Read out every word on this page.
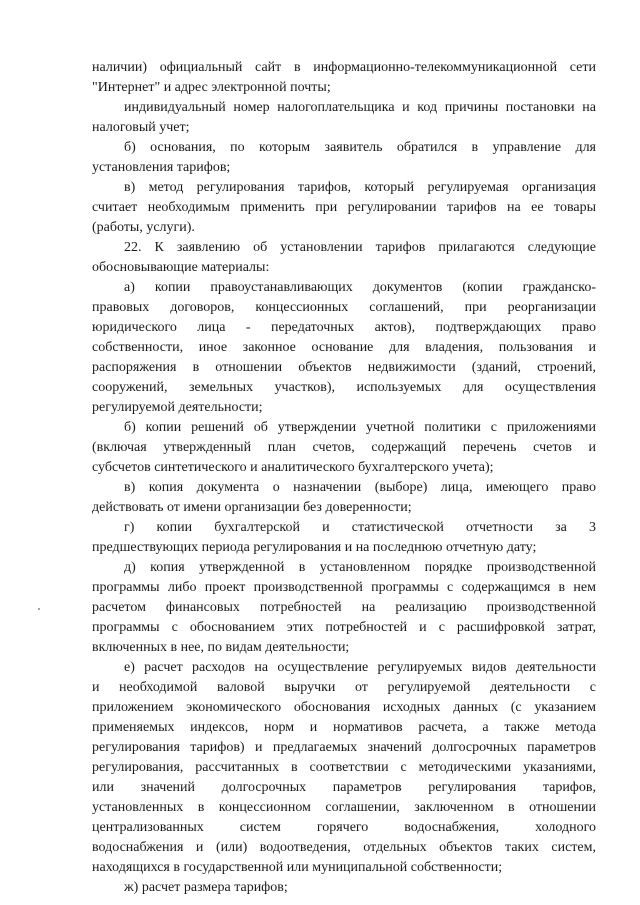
наличии) официальный сайт в информационно-телекоммуникационной сети
"Интернет" и адрес электронной почты;
индивидуальный номер налогоплательщика и код причины постановки на
налоговый учет;
б) основания, по которым заявитель обратился в управление для
установления тарифов;
в) метод регулирования тарифов, который регулируемая организация
считает необходимым применить при регулировании тарифов на ее товары
(работы, услуги).
22. К заявлению об установлении тарифов прилагаются следующие
обосновывающие материалы:
а) копии правоустанавливающих документов (копии гражданско-
правовых договоров, концессионных соглашений, при реорганизации
юридического лица - передаточных актов), подтверждающих право
собственности, иное законное основание для владения, пользования и
распоряжения в отношении объектов недвижимости (зданий, строений,
сооружений, земельных участков), используемых для осуществления
регулируемой деятельности;
б) копии решений об утверждении учетной политики с приложениями
(включая утвержденный план счетов, содержащий перечень счетов и
субсчетов синтетического и аналитического бухгалтерского учета);
в) копия документа о назначении (выборе) лица, имеющего право
действовать от имени организации без доверенности;
г) копии бухгалтерской и статистической отчетности за 3
предшествующих периода регулирования и на последнюю отчетную дату;
д) копия утвержденной в установленном порядке производственной
программы либо проект производственной программы с содержащимся в нем
расчетом финансовых потребностей на реализацию производственной
программы с обоснованием этих потребностей и с расшифровкой затрат,
включенных в нее, по видам деятельности;
е) расчет расходов на осуществление регулируемых видов деятельности
и необходимой валовой выручки от регулируемой деятельности с
приложением экономического обоснования исходных данных (с указанием
применяемых индексов, норм и нормативов расчета, а также метода
регулирования тарифов) и предлагаемых значений долгосрочных параметров
регулирования, рассчитанных в соответствии с методическими указаниями,
или значений долгосрочных параметров регулирования тарифов,
установленных в концессионном соглашении, заключенном в отношении
централизованных систем горячего водоснабжения, холодного
водоснабжения и (или) водоотведения, отдельных объектов таких систем,
находящихся в государственной или муниципальной собственности;
ж) расчет размера тарифов;
